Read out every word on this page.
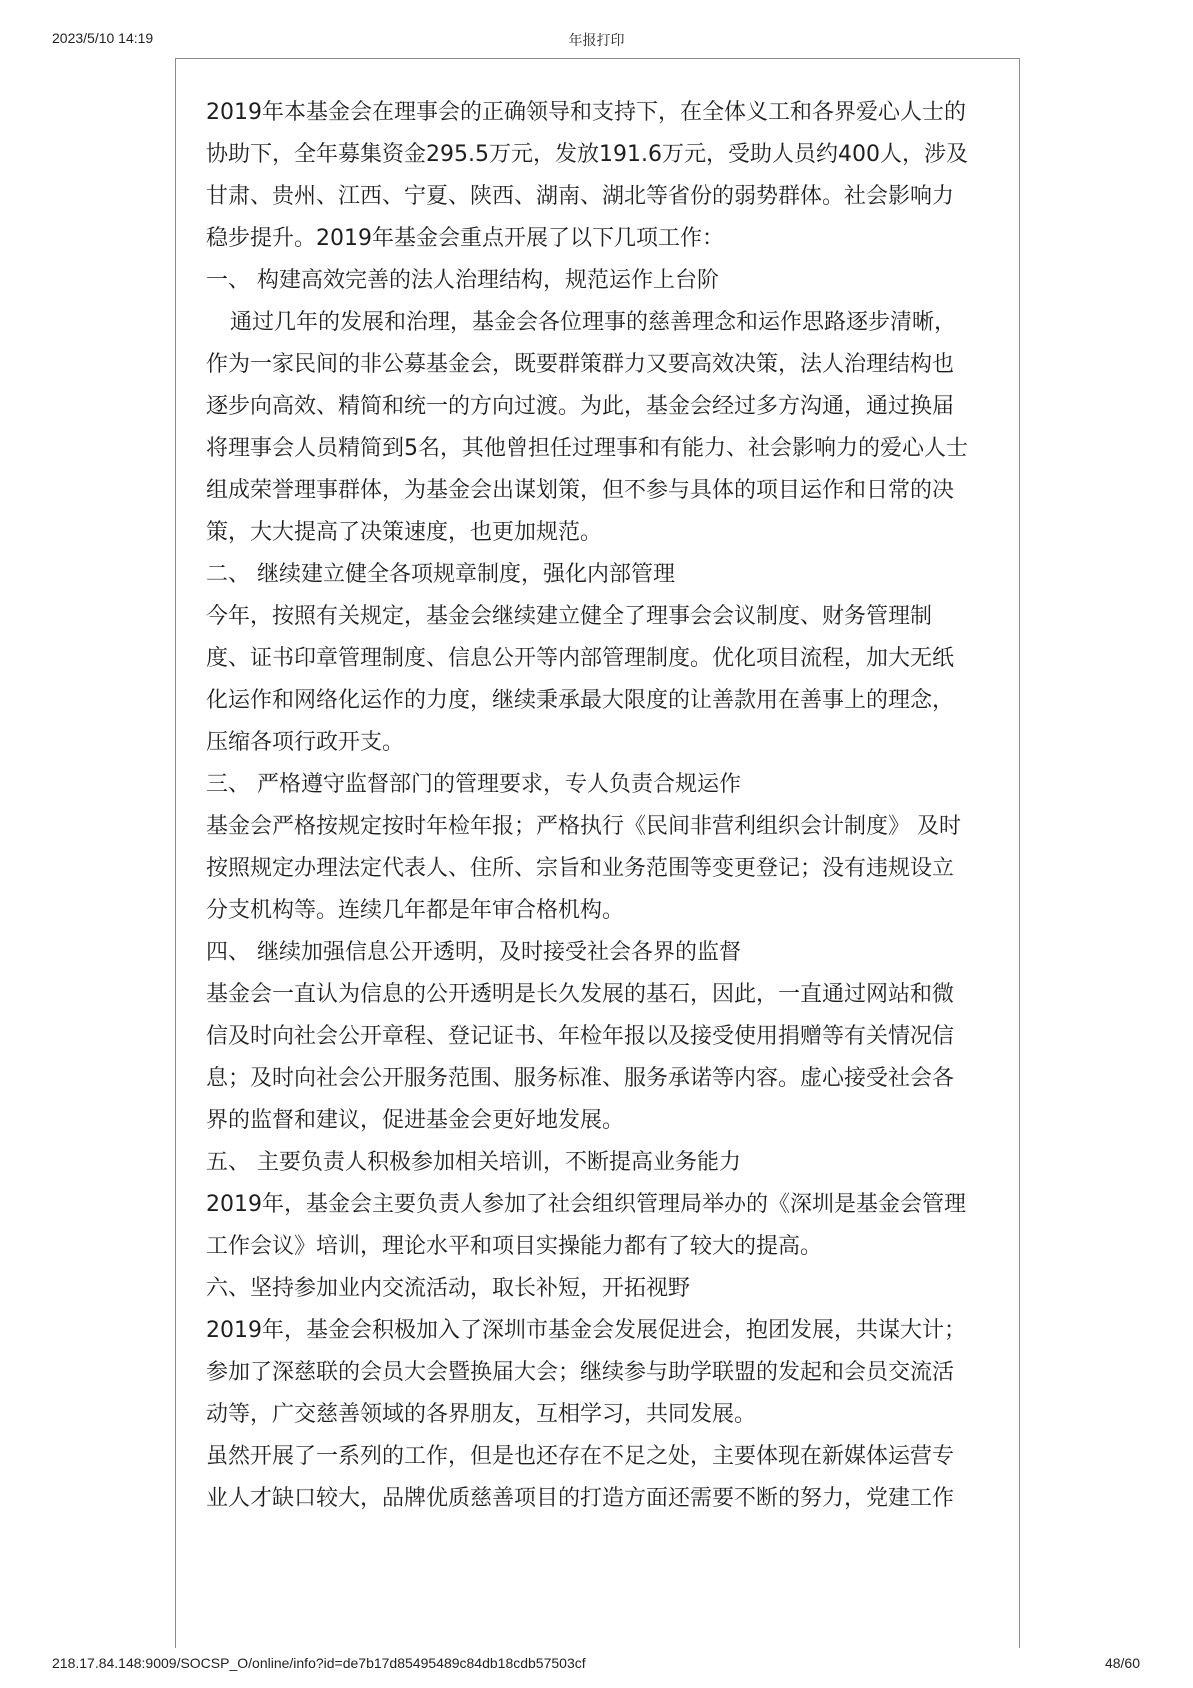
2023/5/10 14:19	年报打印

2019年本基金会在理事会的正确领导和支持下，在全体义工和各界爱心人士的

协助下，全年募集资金295.5万元，发放191.6万元，受助人员约400人，涉及

甘肃、贵州、江西、宁夏、陕西、湖南、湖北等省份的弱势群体。社会影响力

稳步提升。2019年基金会重点开展了以下几项工作：

一、 构建高效完善的法人治理结构，规范运作上台阶

通过几年的发展和治理，基金会各位理事的慈善理念和运作思路逐步清晰，

作为一家民间的非公募基金会，既要群策群力又要高效决策，法人治理结构也

逐步向高效、精简和统一的方向过渡。为此，基金会经过多方沟通，通过换届

将理事会人员精简到5名，其他曾担任过理事和有能力、社会影响力的爱心人士

组成荣誉理事群体，为基金会出谋划策，但不参与具体的项目运作和日常的决

策，大大提高了决策速度，也更加规范。

二、 继续建立健全各项规章制度，强化内部管理

今年，按照有关规定，基金会继续建立健全了理事会会议制度、财务管理制

度、证书印章管理制度、信息公开等内部管理制度。优化项目流程，加大无纸

化运作和网络化运作的力度，继续秉承最大限度的让善款用在善事上的理念，

压缩各项行政开支。

三、 严格遵守监督部门的管理要求，专人负责合规运作

基金会严格按规定按时年检年报；严格执行《民间非营利组织会计制度》 及时

按照规定办理法定代表人、住所、宗旨和业务范围等变更登记；没有违规设立

分支机构等。连续几年都是年审合格机构。

四、 继续加强信息公开透明，及时接受社会各界的监督

基金会一直认为信息的公开透明是长久发展的基石，因此，一直通过网站和微

信及时向社会公开章程、登记证书、年检年报以及接受使用捐赠等有关情况信

息；及时向社会公开服务范围、服务标准、服务承诺等内容。虚心接受社会各

界的监督和建议，促进基金会更好地发展。

五、 主要负责人积极参加相关培训，不断提高业务能力

2019年，基金会主要负责人参加了社会组织管理局举办的《深圳是基金会管理

工作会议》培训，理论水平和项目实操能力都有了较大的提高。

六、坚持参加业内交流活动，取长补短，开拓视野

2019年，基金会积极加入了深圳市基金会发展促进会，抱团发展，共谋大计；

参加了深慈联的会员大会暨换届大会；继续参与助学联盟的发起和会员交流活

动等，广交慈善领域的各界朋友，互相学习，共同发展。

虽然开展了一系列的工作，但是也还存在不足之处，主要体现在新媒体运营专

业人才缺口较大，品牌优质慈善项目的打造方面还需要不断的努力，党建工作

218.17.84.148:9009/SOCSP_O/online/info?id=de7b17d85495489c84db18cdb57503cf	48/60
